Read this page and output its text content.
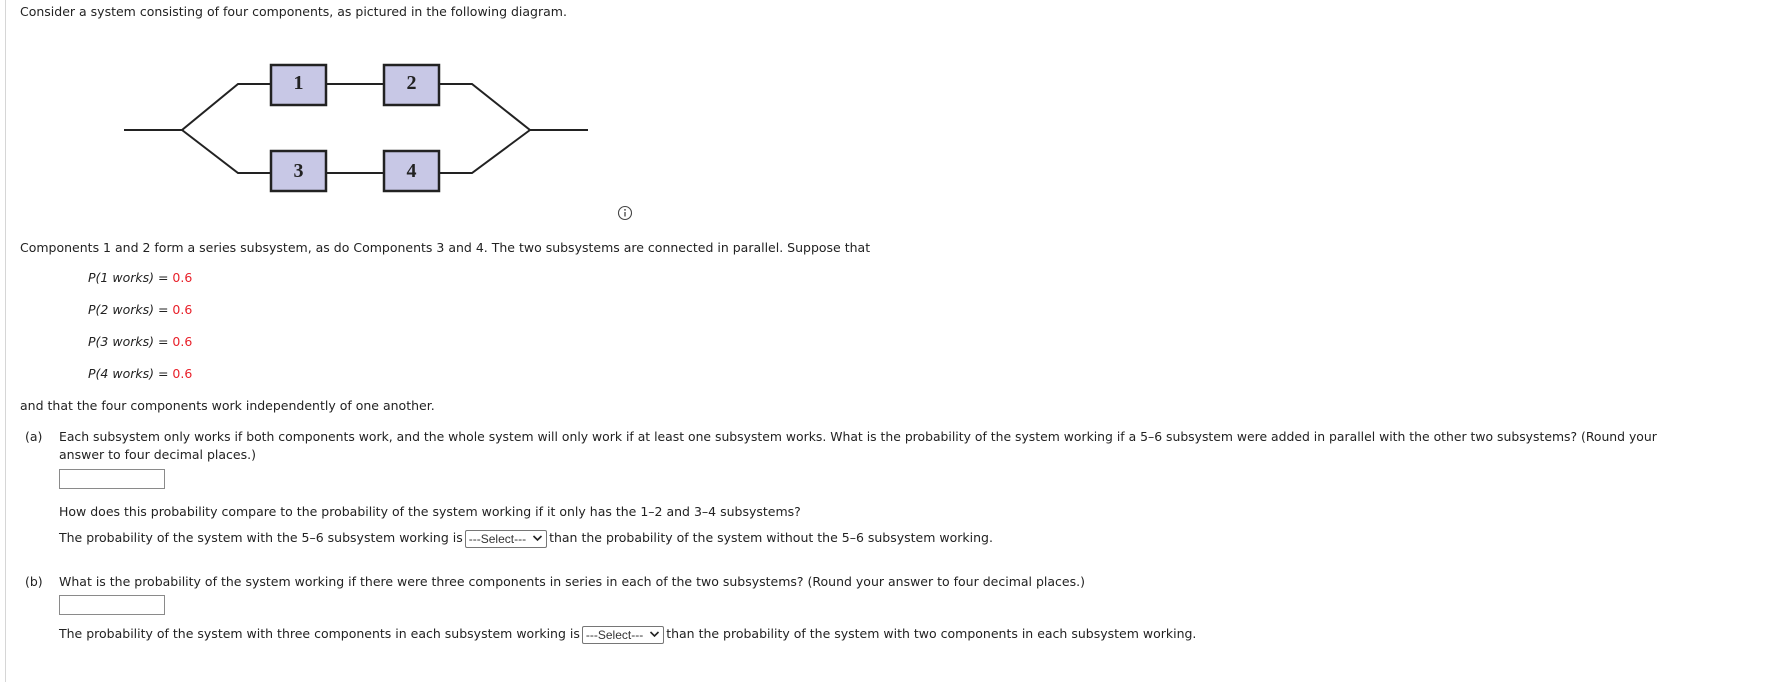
Consider a system consisting of four components, as pictured in the following diagram.
1	2
3	4
Components 1 and 2 form a series subsystem, as do Components 3 and 4. The two subsystems are connected in parallel. Suppose that
P(1 works) = 0.6
P(2 works) = 0.6
P(3 works) = 0.6
P(4 works) = 0.6
and that the four components work independently of one another.
(a) Each subsystem only works if both components work, and the whole system will only work if at least one subsystem works. What is the probability of the system working if a 5–6 subsystem were added in parallel with the other two subsystems? (Round your
answer to four decimal places.)
How does this probability compare to the probability of the system working if it only has the 1–2 and 3–4 subsystems?
The probability of the system with the 5–6 subsystem working is ---Select--- than the probability of the system without the 5–6 subsystem working.
(b) What is the probability of the system working if there were three components in series in each of the two subsystems? (Round your answer to four decimal places.)
The probability of the system with three components in each subsystem working is ---Select--- than the probability of the system with two components in each subsystem working.
